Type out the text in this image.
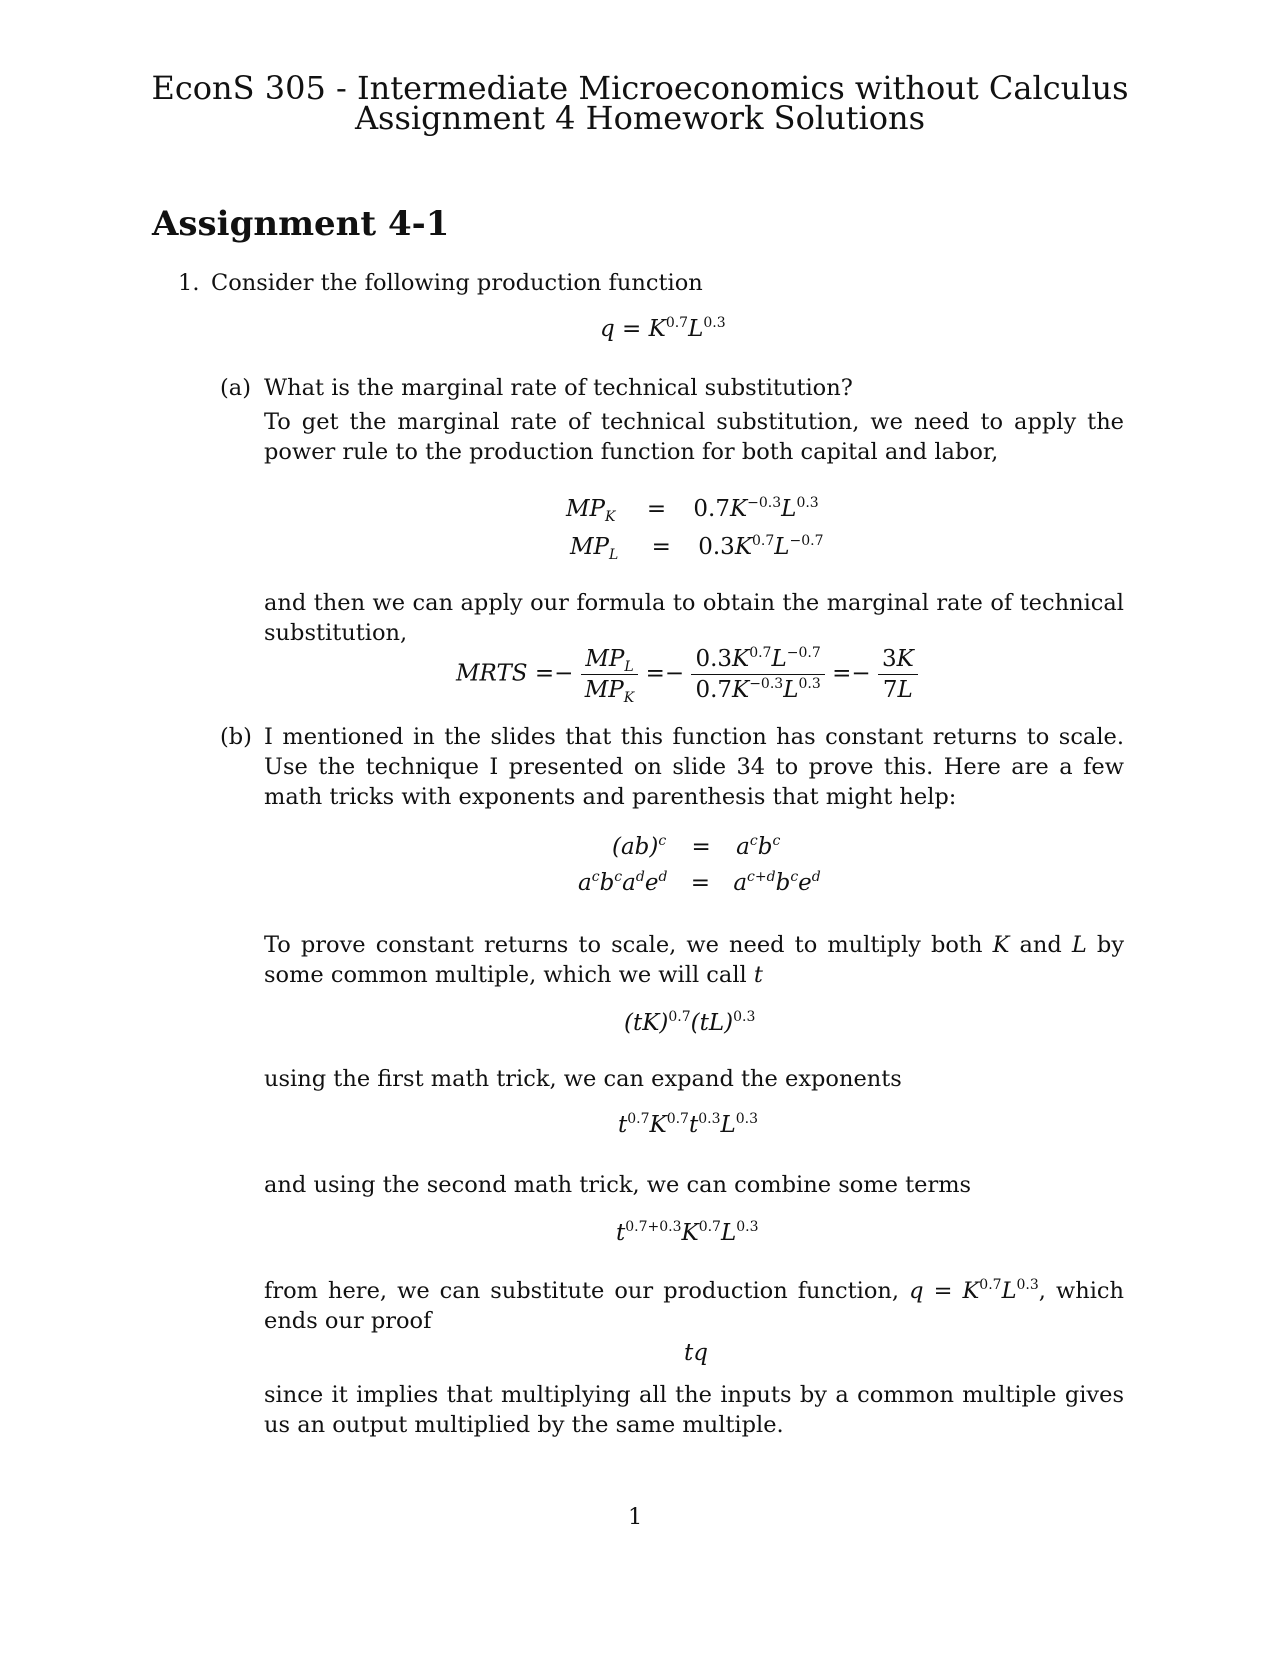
EconS 305 - Intermediate Microeconomics without Calculus
Assignment 4 Homework Solutions
Assignment 4-1
1. Consider the following production function
$q = K^{0.7}L^{0.3}$
(a) What is the marginal rate of technical substitution?
To get the marginal rate of technical substitution, we need to apply the power rule to the production function for both capital and labor,
$MP_K = 0.7K^{-0.3}L^{0.3}$
$MP_L = 0.3K^{0.7}L^{-0.7}$
and then we can apply our formula to obtain the marginal rate of technical substitution,
MRTS =− $\frac{MP_L}{MP_K} =- \frac{0.3K^{0.7}L^{-0.7}}{0.7K^{-0.3}L^{0.3}} =- \frac{3K}{7L}$
(b) I mentioned in the slides that this function has constant returns to scale. Use the technique I presented on slide 34 to prove this. Here are a few math tricks with exponents and parenthesis that might help:
$(ab)^c = a^cb^c$
$a^cb^ca^de^d = a^{c+d}b^ce^d$
To prove constant returns to scale, we need to multiply both K and L by some common multiple, which we will call t
(tK)$^{0.7}$(tL)$^{0.3}$
using the first math trick, we can expand the exponents
$t^{0.7}K^{0.7}t^{0.3}L^{0.3}$
and using the second math trick, we can combine some terms
$t^{0.7+0.3}K^{0.7}L^{0.3}$
from here, we can substitute our production function, $q = K^{0.7}L^{0.3}$, which ends our proof
tq
since it implies that multiplying all the inputs by a common multiple gives us an output multiplied by the same multiple.
1
